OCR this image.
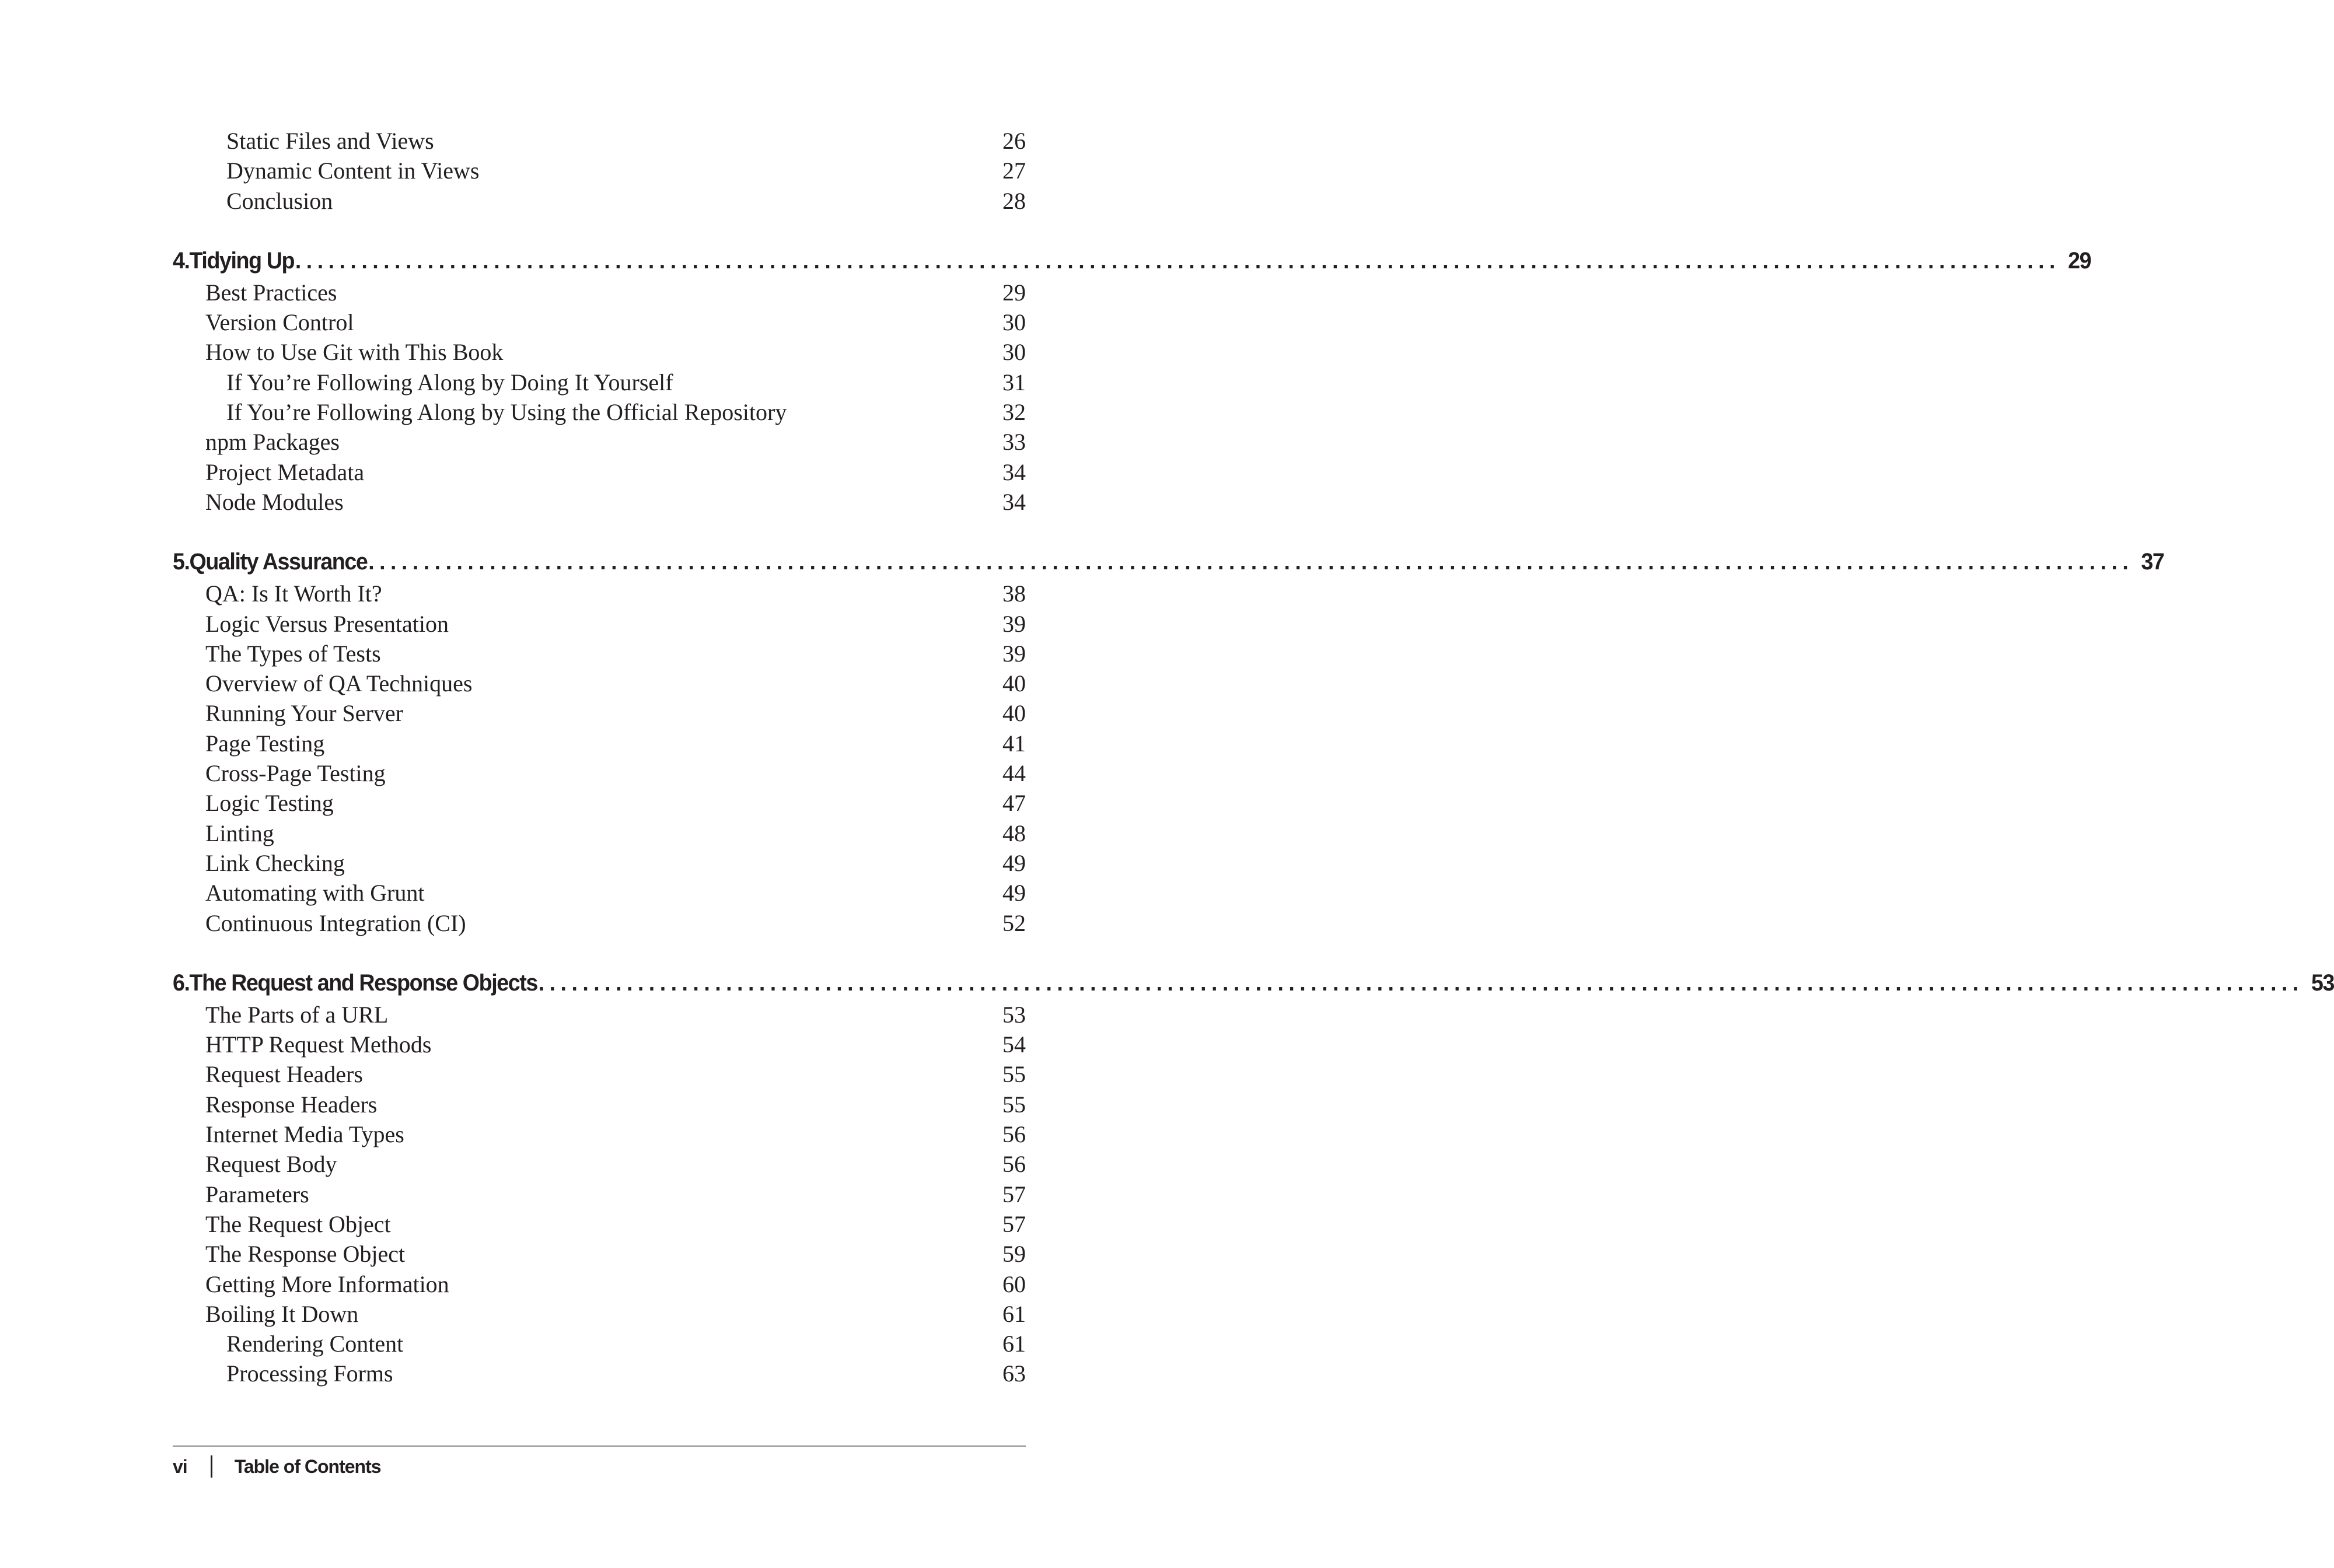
Static Files and Views	26
Dynamic Content in Views	27
Conclusion	28
4. Tidying Up ................................................................................................................................................................ 29
Best Practices	29
Version Control	30
How to Use Git with This Book	30
If You’re Following Along by Doing It Yourself	31
If You’re Following Along by Using the Official Repository	32
npm Packages	33
Project Metadata	34
Node Modules	34
5. Quality Assurance ................................................................................................................................................................ 37
QA: Is It Worth It?	38
Logic Versus Presentation	39
The Types of Tests	39
Overview of QA Techniques	40
Running Your Server	40
Page Testing	41
Cross-Page Testing	44
Logic Testing	47
Linting	48
Link Checking	49
Automating with Grunt	49
Continuous Integration (CI)	52
6. The Request and Response Objects ................................................................................................................................................................ 53
The Parts of a URL	53
HTTP Request Methods	54
Request Headers	55
Response Headers	55
Internet Media Types	56
Request Body	56
Parameters	57
The Request Object	57
The Response Object	59
Getting More Information	60
Boiling It Down	61
Rendering Content	61
Processing Forms	63
vi	Table of Contents
